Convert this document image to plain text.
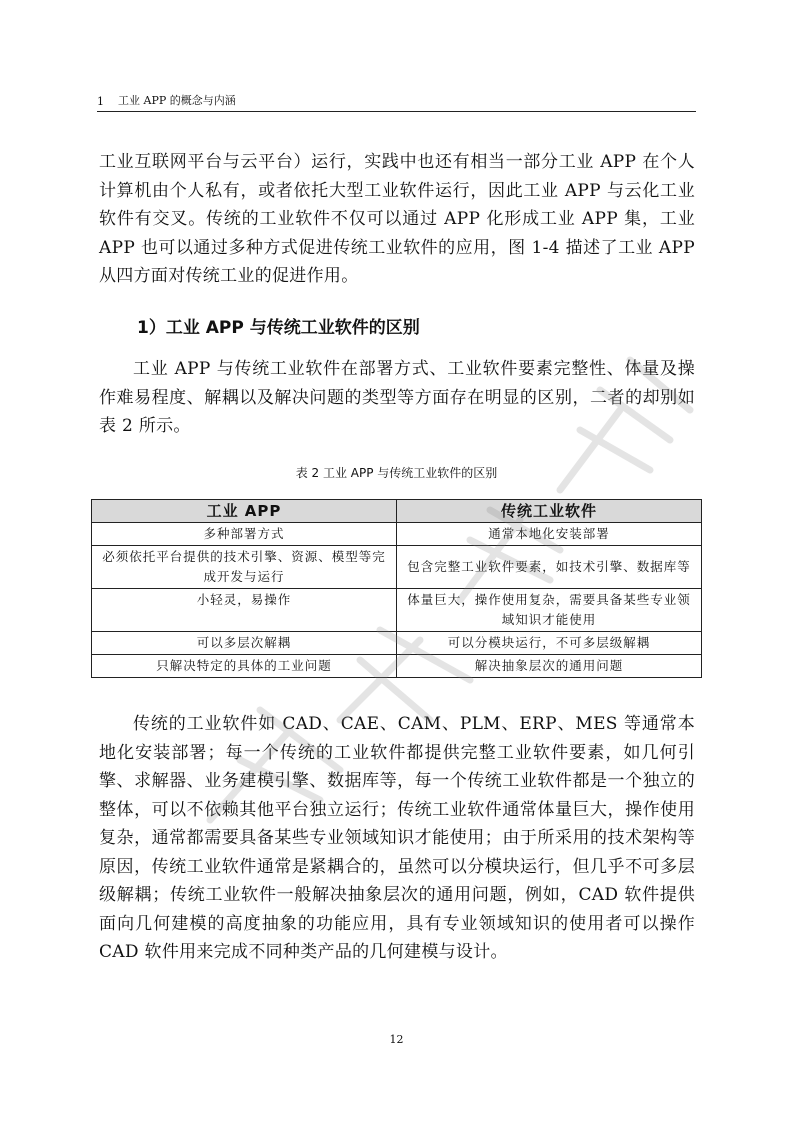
1 工业 APP 的概念与内涵
工业互联网平台与云平台）运行，实践中也还有相当一部分工业 APP 在个人计算机由个人私有，或者依托大型工业软件运行，因此工业 APP 与云化工业软件有交叉。传统的工业软件不仅可以通过 APP 化形成工业 APP 集，工业 APP 也可以通过多种方式促进传统工业软件的应用，图 1-4 描述了工业 APP 从四方面对传统工业的促进作用。
1）工业 APP 与传统工业软件的区别
工业 APP 与传统工业软件在部署方式、工业软件要素完整性、体量及操作难易程度、解耦以及解决问题的类型等方面存在明显的区别，二者的却别如表 2 所示。
表 2 工业 APP 与传统工业软件的区别
工业 APP	传统工业软件
多种部署方式	通常本地化安装部署
必须依托平台提供的技术引擎、资源、模型等完成开发与运行	包含完整工业软件要素，如技术引擎、数据库等
小轻灵，易操作	体量巨大，操作使用复杂，需要具备某些专业领域知识才能使用
可以多层次解耦	可以分模块运行，不可多层级解耦
只解决特定的具体的工业问题	解决抽象层次的通用问题
传统的工业软件如 CAD、CAE、CAM、PLM、ERP、MES 等通常本地化安装部署；每一个传统的工业软件都提供完整工业软件要素，如几何引擎、求解器、业务建模引擎、数据库等，每一个传统工业软件都是一个独立的整体，可以不依赖其他平台独立运行；传统工业软件通常体量巨大，操作使用复杂，通常都需要具备某些专业领域知识才能使用；由于所采用的技术架构等原因，传统工业软件通常是紧耦合的，虽然可以分模块运行，但几乎不可多层级解耦；传统工业软件一般解决抽象层次的通用问题，例如，CAD 软件提供面向几何建模的高度抽象的功能应用，具有专业领域知识的使用者可以操作 CAD 软件用来完成不同种类产品的几何建模与设计。
12
